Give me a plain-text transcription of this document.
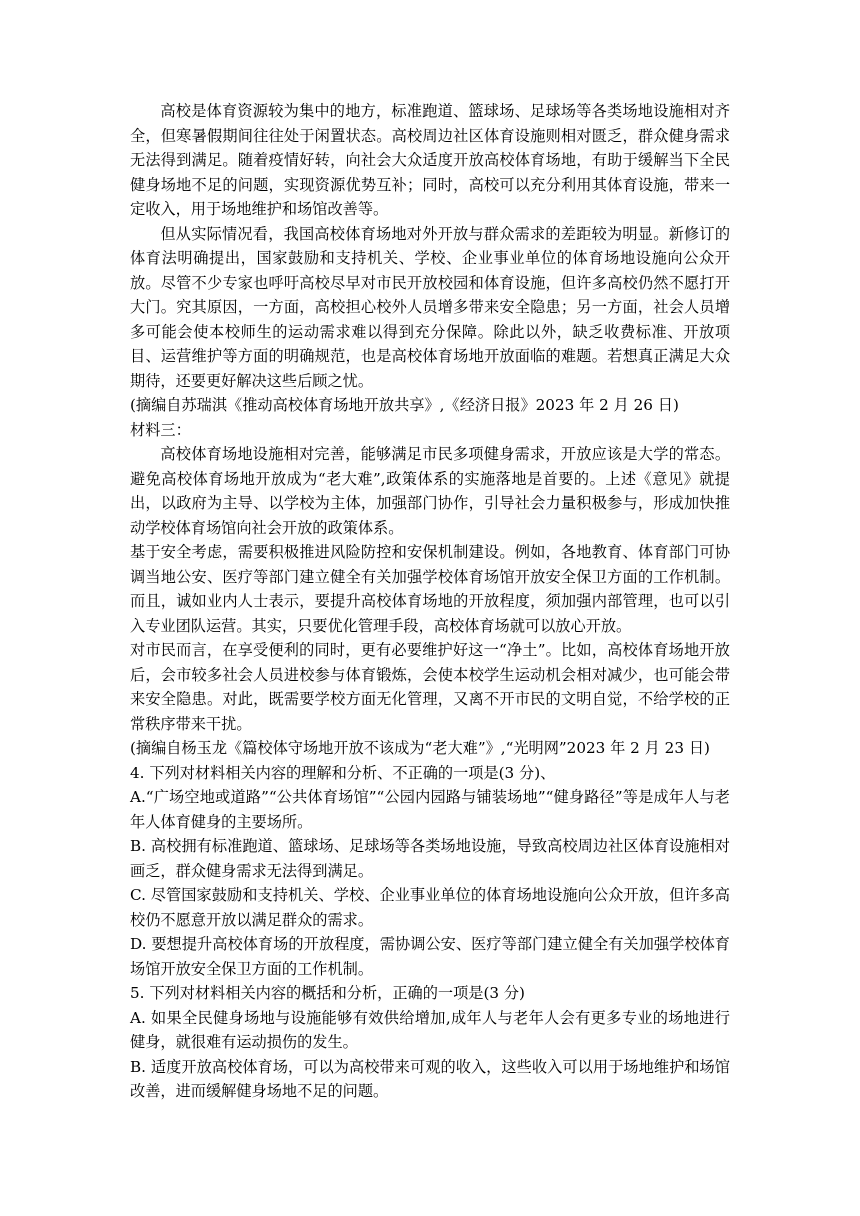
高校是体育资源较为集中的地方，标准跑道、篮球场、足球场等各类场地设施相对齐全，但寒暑假期间往往处于闲置状态。高校周边社区体育设施则相对匮乏，群众健身需求无法得到满足。随着疫情好转，向社会大众适度开放高校体育场地，有助于缓解当下全民健身场地不足的问题，实现资源优势互补；同时，高校可以充分利用其体育设施，带来一定收入，用于场地维护和场馆改善等。

但从实际情况看，我国高校体育场地对外开放与群众需求的差距较为明显。新修订的体育法明确提出，国家鼓励和支持机关、学校、企业事业单位的体育场地设施向公众开放。尽管不少专家也呼吁高校尽早对市民开放校园和体育设施，但许多高校仍然不愿打开大门。究其原因，一方面，高校担心校外人员增多带来安全隐患；另一方面，社会人员增多可能会使本校师生的运动需求难以得到充分保障。除此以外，缺乏收费标准、开放项目、运营维护等方面的明确规范，也是高校体育场地开放面临的难题。若想真正满足大众期待，还要更好解决这些后顾之忧。

(摘编自苏瑞淇《推动高校体育场地开放共享》,《经济日报》2023 年 2 月 26 日)

材料三：

高校体育场地设施相对完善，能够满足市民多项健身需求，开放应该是大学的常态。避免高校体育场地开放成为“老大难”,政策体系的实施落地是首要的。上述《意见》就提出，以政府为主导、以学校为主体，加强部门协作，引导社会力量积极参与，形成加快推动学校体育场馆向社会开放的政策体系。

基于安全考虑，需要积极推进风险防控和安保机制建设。例如，各地教育、体育部门可协调当地公安、医疗等部门建立健全有关加强学校体育场馆开放安全保卫方面的工作机制。而且，诚如业内人士表示，要提升高校体育场地的开放程度，须加强内部管理，也可以引入专业团队运营。其实，只要优化管理手段，高校体育场就可以放心开放。

对市民而言，在享受便利的同时，更有必要维护好这一“净土”。比如，高校体育场地开放后，会市较多社会人员进校参与体育锻炼，会使本校学生运动机会相对减少，也可能会带来安全隐患。对此，既需要学校方面无化管理，又离不开市民的文明自觉，不给学校的正常秩序带来干扰。

(摘编自杨玉龙《篇校体守场地开放不该成为“老大难”》,“光明网”2023 年 2 月 23 日)

4. 下列对材料相关内容的理解和分析、不正确的一项是(3 分)、

A.“广场空地或道路”“公共体育场馆”“公园内园路与铺装场地”“健身路径”等是成年人与老年人体育健身的主要场所。

B. 高校拥有标准跑道、篮球场、足球场等各类场地设施，导致高校周边社区体育设施相对画乏，群众健身需求无法得到满足。

C. 尽管国家鼓励和支持机关、学校、企业事业单位的体育场地设施向公众开放，但许多高校仍不愿意开放以满足群众的需求。

D. 要想提升高校体育场的开放程度，需协调公安、医疗等部门建立健全有关加强学校体育场馆开放安全保卫方面的工作机制。

5. 下列对材料相关内容的概括和分析，正确的一项是(3 分)

A. 如果全民健身场地与设施能够有效供给增加,成年人与老年人会有更多专业的场地进行健身，就很难有运动损伤的发生。

B. 适度开放高校体育场，可以为高校带来可观的收入，这些收入可以用于场地维护和场馆改善，进而缓解健身场地不足的问题。
